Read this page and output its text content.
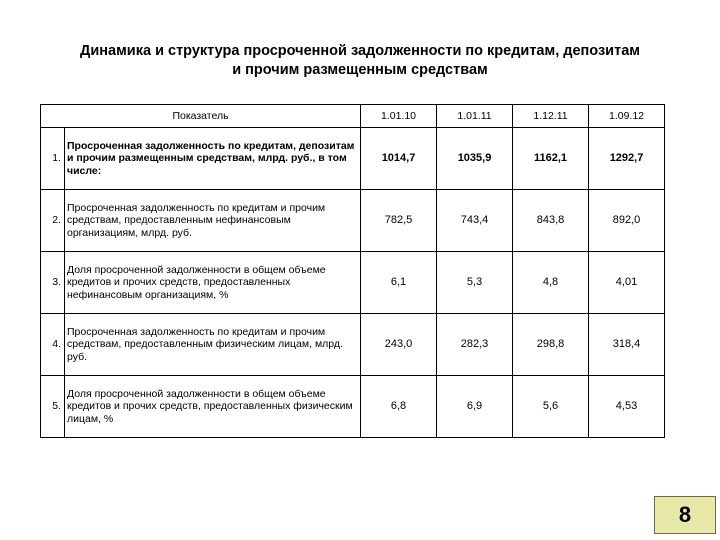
Динамика и структура просроченной задолженности по кредитам, депозитам
и прочим размещенным средствам
Показатель		1.01.10	1.01.11	1.12.11	1.09.12
1.	Просроченная задолженность по кредитам, депозитам и прочим размещенным средствам, млрд. руб., в том числе:	1014,7	1035,9	1162,1	1292,7
2.	Просроченная задолженность по кредитам и прочим средствам, предоставленным нефинансовым организациям, млрд. руб.	782,5	743,4	843,8	892,0
3.	Доля просроченной задолженности в общем объеме кредитов и прочих средств, предоставленных нефинансовым организациям, %	6,1	5,3	4,8	4,01
4.	Просроченная задолженность по кредитам и прочим средствам, предоставленным физическим лицам, млрд. руб.	243,0	282,3	298,8	318,4
5.	Доля просроченной задолженности в общем объеме кредитов и прочих средств, предоставленных физическим лицам, %	6,8	6,9	5,6	4,53
8
